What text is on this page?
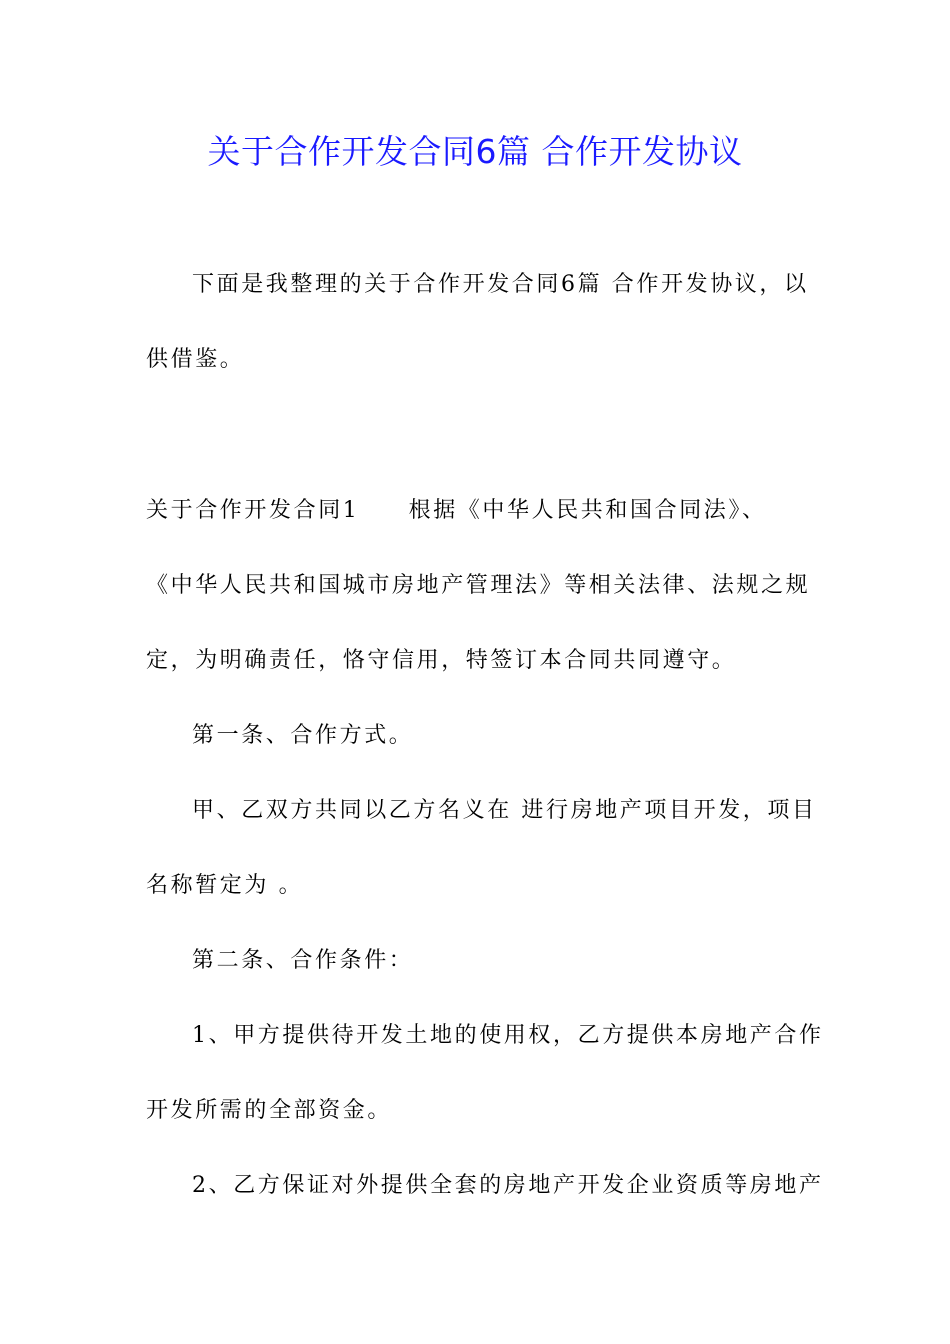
关于合作开发合同6篇 合作开发协议
下面是我整理的关于合作开发合同6篇 合作开发协议，以
供借鉴。
关于合作开发合同1　　根据《中华人民共和国合同法》、
《中华人民共和国城市房地产管理法》等相关法律、法规之规
定，为明确责任，恪守信用，特签订本合同共同遵守。
第一条、合作方式。
甲、乙双方共同以乙方名义在 进行房地产项目开发，项目
名称暂定为 。
第二条、合作条件：
1、甲方提供待开发土地的使用权，乙方提供本房地产合作
开发所需的全部资金。
2、乙方保证对外提供全套的房地产开发企业资质等房地产
